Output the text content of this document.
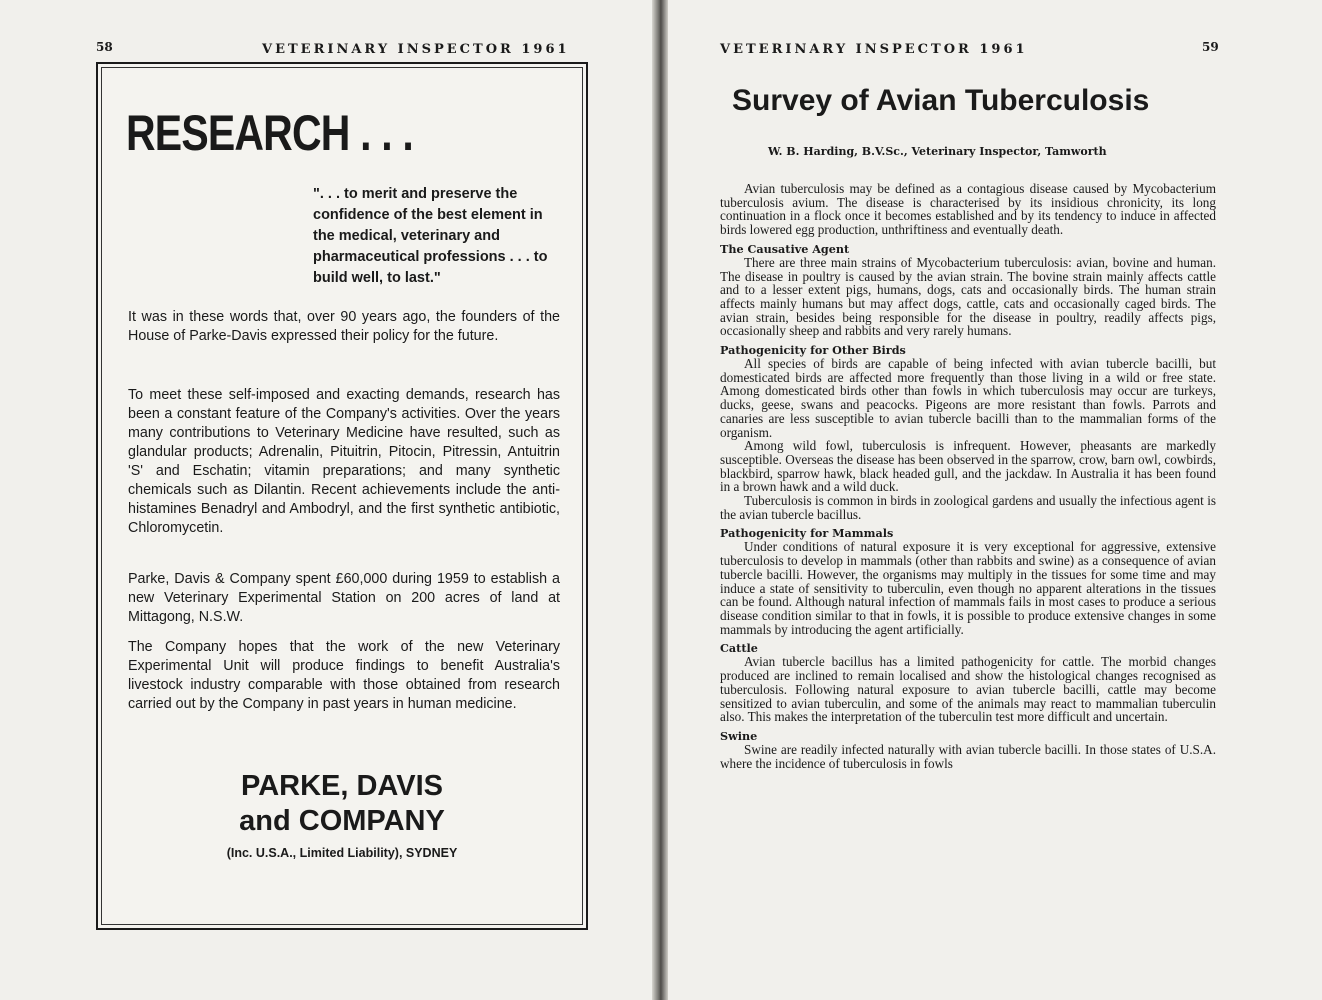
58	VETERINARY INSPECTOR 1961
RESEARCH . . .
". . . to merit and preserve the confidence of the best element in the medical, veterinary and pharmaceutical professions . . . to build well, to last."
It was in these words that, over 90 years ago, the founders of the House of Parke-Davis expressed their policy for the future.
To meet these self-imposed and exacting demands, research has been a constant feature of the Company's activities. Over the years many contributions to Veterinary Medicine have resulted, such as glandular products; Adrenalin, Pituitrin, Pitocin, Pitressin, Antuitrin 'S' and Eschatin; vitamin preparations; and many synthetic chemicals such as Dilantin. Recent achievements include the anti-histamines Benadryl and Ambodryl, and the first synthetic antibiotic, Chloromycetin.
Parke, Davis & Company spent £60,000 during 1959 to establish a new Veterinary Experimental Station on 200 acres of land at Mittagong, N.S.W.
The Company hopes that the work of the new Veterinary Experimental Unit will produce findings to benefit Australia's livestock industry comparable with those obtained from research carried out by the Company in past years in human medicine.
PARKE, DAVIS
and COMPANY
(Inc. U.S.A., Limited Liability), SYDNEY
VETERINARY INSPECTOR 1961	59
Survey of Avian Tuberculosis
W. B. Harding, B.V.Sc., Veterinary Inspector, Tamworth

Avian tuberculosis may be defined as a contagious disease caused by Mycobacterium tuberculosis avium. The disease is characterised by its insidious chronicity, its long continuation in a flock once it becomes established and by its tendency to induce in affected birds lowered egg production, unthriftiness and eventually death.

The Causative Agent

There are three main strains of Mycobacterium tuberculosis: avian, bovine and human. The disease in poultry is caused by the avian strain. The bovine strain mainly affects cattle and to a lesser extent pigs, humans, dogs, cats and occasionally birds. The human strain affects mainly humans but may affect dogs, cattle, cats and occasionally caged birds. The avian strain, besides being responsible for the disease in poultry, readily affects pigs, occasionally sheep and rabbits and very rarely humans.

Pathogenicity for Other Birds

All species of birds are capable of being infected with avian tubercle bacilli, but domesticated birds are affected more frequently than those living in a wild or free state. Among domesticated birds other than fowls in which tuberculosis may occur are turkeys, ducks, geese, swans and peacocks. Pigeons are more resistant than fowls. Parrots and canaries are less susceptible to avian tubercle bacilli than to the mammalian forms of the organism.

Among wild fowl, tuberculosis is infrequent. However, pheasants are markedly susceptible. Overseas the disease has been observed in the sparrow, crow, barn owl, cowbirds, blackbird, sparrow hawk, black headed gull, and the jackdaw. In Australia it has been found in a brown hawk and a wild duck.

Tuberculosis is common in birds in zoological gardens and usually the infectious agent is the avian tubercle bacillus.

Pathogenicity for Mammals

Under conditions of natural exposure it is very exceptional for aggressive, extensive tuberculosis to develop in mammals (other than rabbits and swine) as a consequence of avian tubercle bacilli. However, the organisms may multiply in the tissues for some time and may induce a state of sensitivity to tuberculin, even though no apparent alterations in the tissues can be found. Although natural infection of mammals fails in most cases to produce a serious disease condition similar to that in fowls, it is possible to produce extensive changes in some mammals by introducing the agent artificially.

Cattle

Avian tubercle bacillus has a limited pathogenicity for cattle. The morbid changes produced are inclined to remain localised and show the histological changes recognised as tuberculosis. Following natural exposure to avian tubercle bacilli, cattle may become sensitized to avian tuberculin, and some of the animals may react to mammalian tuberculin also. This makes the interpretation of the tuberculin test more difficult and uncertain.

Swine

Swine are readily infected naturally with avian tubercle bacilli. In those states of U.S.A. where the incidence of tuberculosis in fowls
